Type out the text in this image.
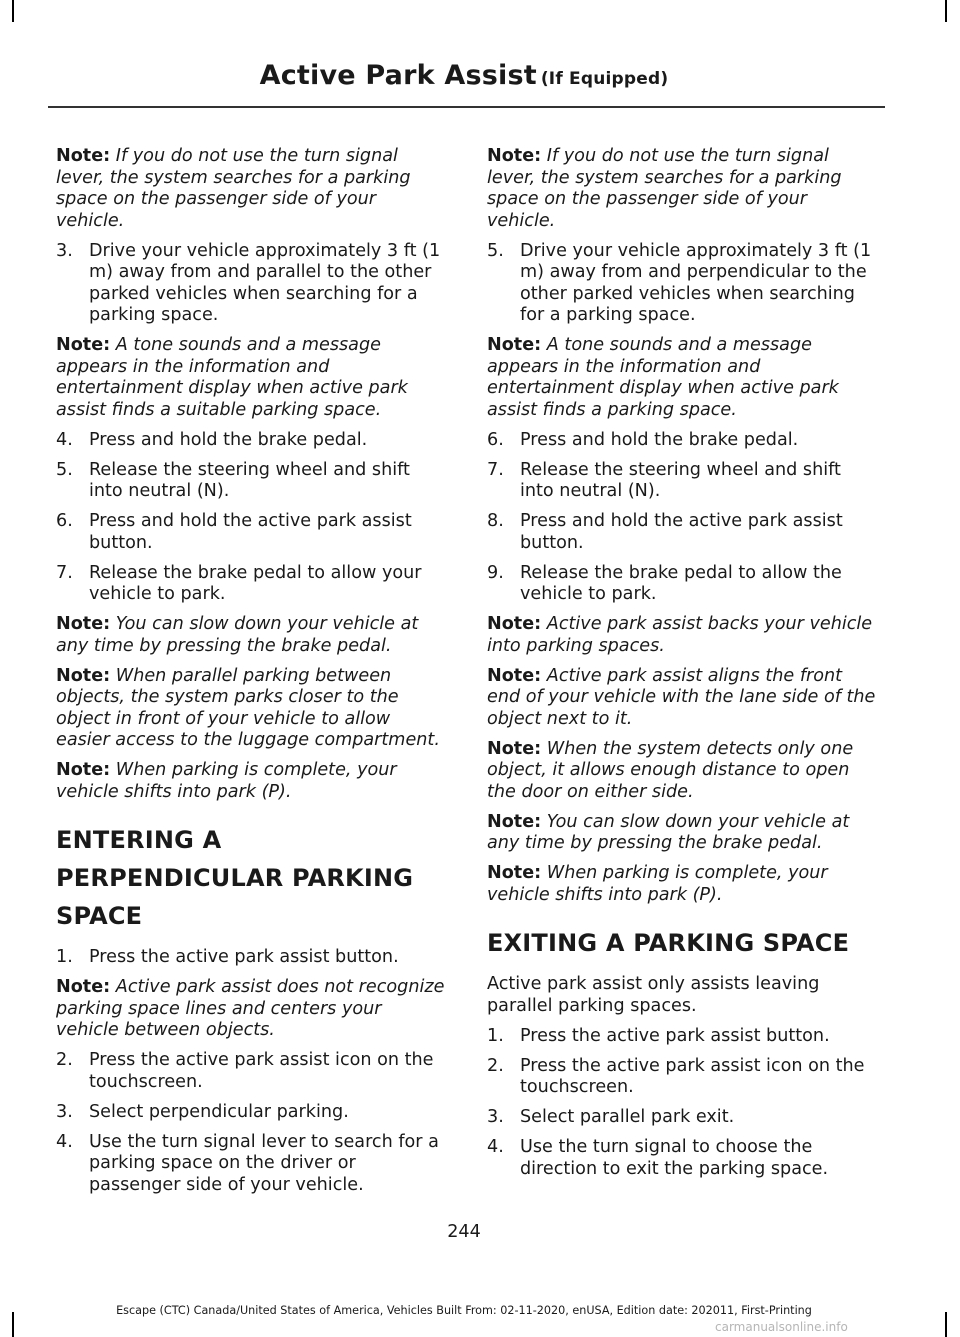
Active Park Assist (If Equipped)

Note: If you do not use the turn signal lever, the system searches for a parking space on the passenger side of your vehicle.

3. Drive your vehicle approximately 3 ft (1 m) away from and parallel to the other parked vehicles when searching for a parking space.

Note: A tone sounds and a message appears in the information and entertainment display when active park assist finds a suitable parking space.

4. Press and hold the brake pedal.
5. Release the steering wheel and shift into neutral (N).
6. Press and hold the active park assist button.
7. Release the brake pedal to allow your vehicle to park.

Note: You can slow down your vehicle at any time by pressing the brake pedal.

Note: When parallel parking between objects, the system parks closer to the object in front of your vehicle to allow easier access to the luggage compartment.

Note: When parking is complete, your vehicle shifts into park (P).

ENTERING A PERPENDICULAR PARKING SPACE
1. Press the active park assist button.

Note: Active park assist does not recognize parking space lines and centers your vehicle between objects.

2. Press the active park assist icon on the touchscreen.
3. Select perpendicular parking.
4. Use the turn signal lever to search for a parking space on the driver or passenger side of your vehicle.

Note: If you do not use the turn signal lever, the system searches for a parking space on the passenger side of your vehicle.

5. Drive your vehicle approximately 3 ft (1 m) away from and perpendicular to the other parked vehicles when searching for a parking space.

Note: A tone sounds and a message appears in the information and entertainment display when active park assist finds a parking space.

6. Press and hold the brake pedal.
7. Release the steering wheel and shift into neutral (N).
8. Press and hold the active park assist button.
9. Release the brake pedal to allow the vehicle to park.

Note: Active park assist backs your vehicle into parking spaces.

Note: Active park assist aligns the front end of your vehicle with the lane side of the object next to it.

Note: When the system detects only one object, it allows enough distance to open the door on either side.

Note: You can slow down your vehicle at any time by pressing the brake pedal.

Note: When parking is complete, your vehicle shifts into park (P).

EXITING A PARKING SPACE

Active park assist only assists leaving parallel parking spaces.

1. Press the active park assist button.
2. Press the active park assist icon on the touchscreen.
3. Select parallel park exit.
4. Use the turn signal to choose the direction to exit the parking space.
244
Escape (CTC) Canada/United States of America, Vehicles Built From: 02-11-2020, enUSA, Edition date: 202011, First-Printing
carmanualsonline.info
